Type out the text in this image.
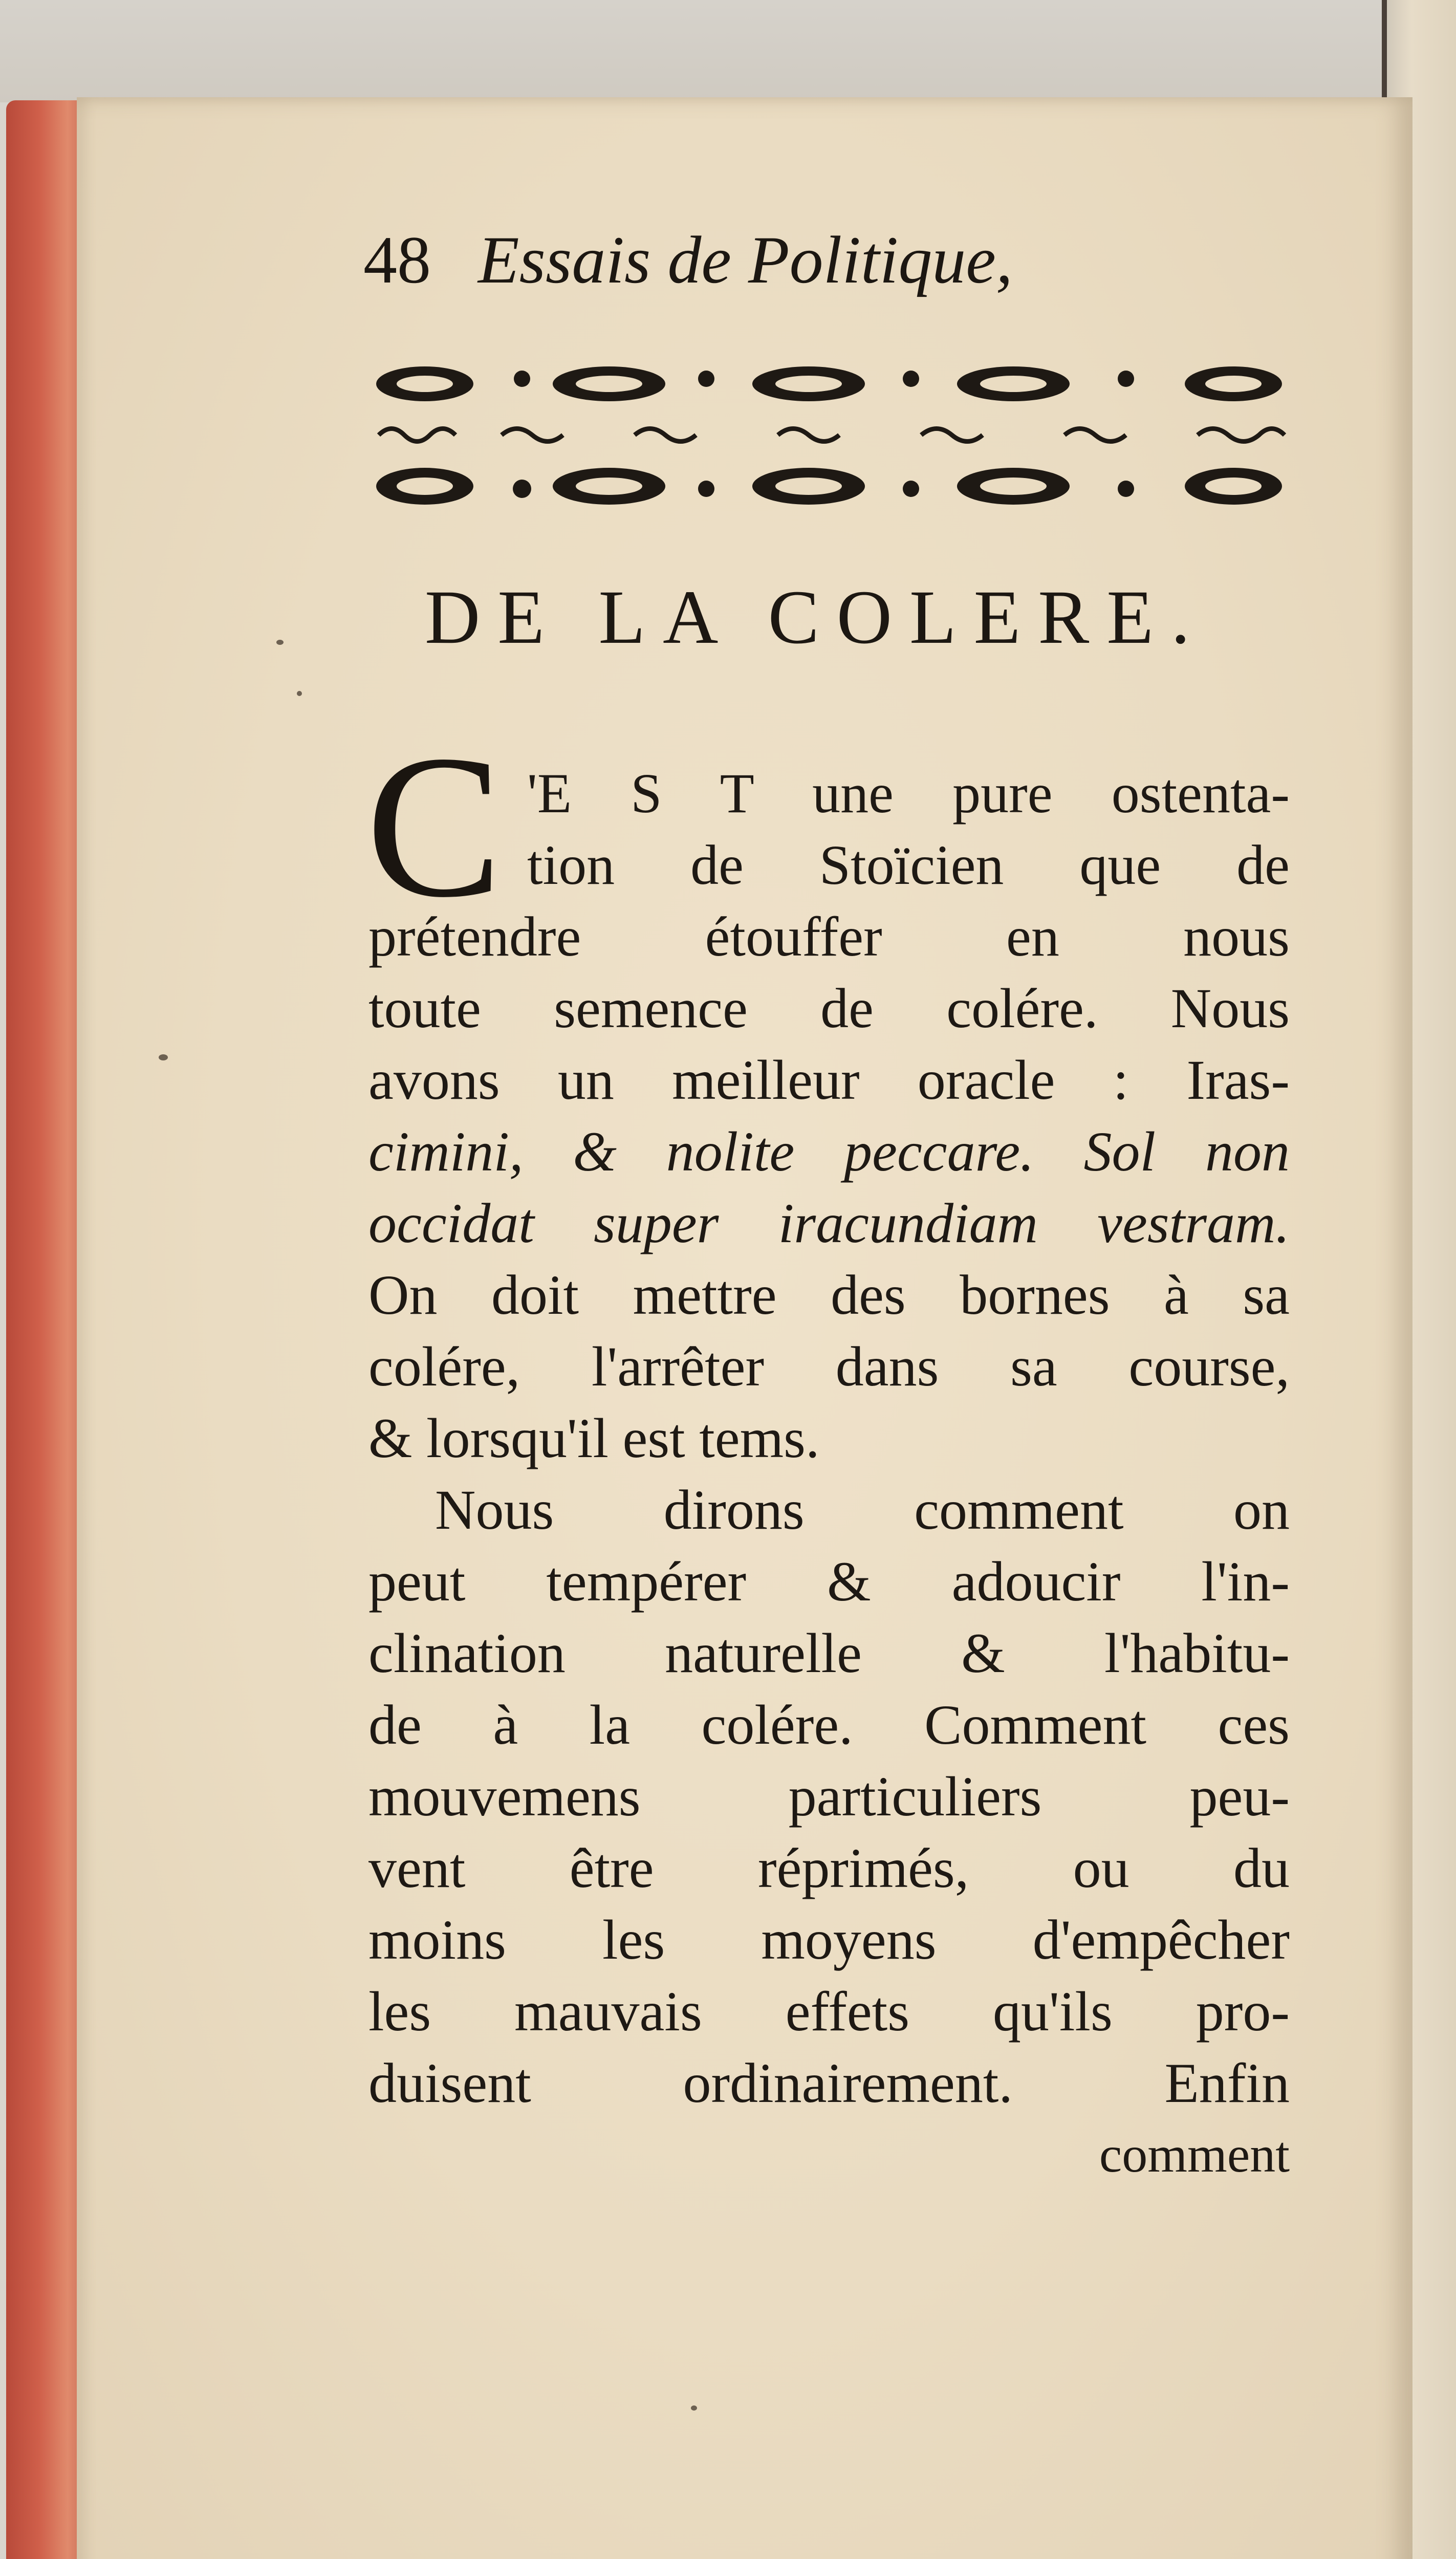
48 Essais de Politique,
DE LA COLERE.
C 'E S T une pure ostenta-
tion de Stoïcien que de
prétendre étouffer en nous
toute semence de colére. Nous
avons un meilleur oracle : Iras-
cimini, & nolite peccare. Sol non
occidat super iracundiam vestram.
On doit mettre des bornes à sa
colére, l'arrêter dans sa course,
& lorsqu'il est tems.
Nous dirons comment on
peut tempérer & adoucir l'in-
clination naturelle & l'habitu-
de à la colére. Comment ces
mouvemens particuliers peu-
vent être réprimés, ou du
moins les moyens d'empêcher
les mauvais effets qu'ils pro-
duisent ordinairement. Enfin
comment
